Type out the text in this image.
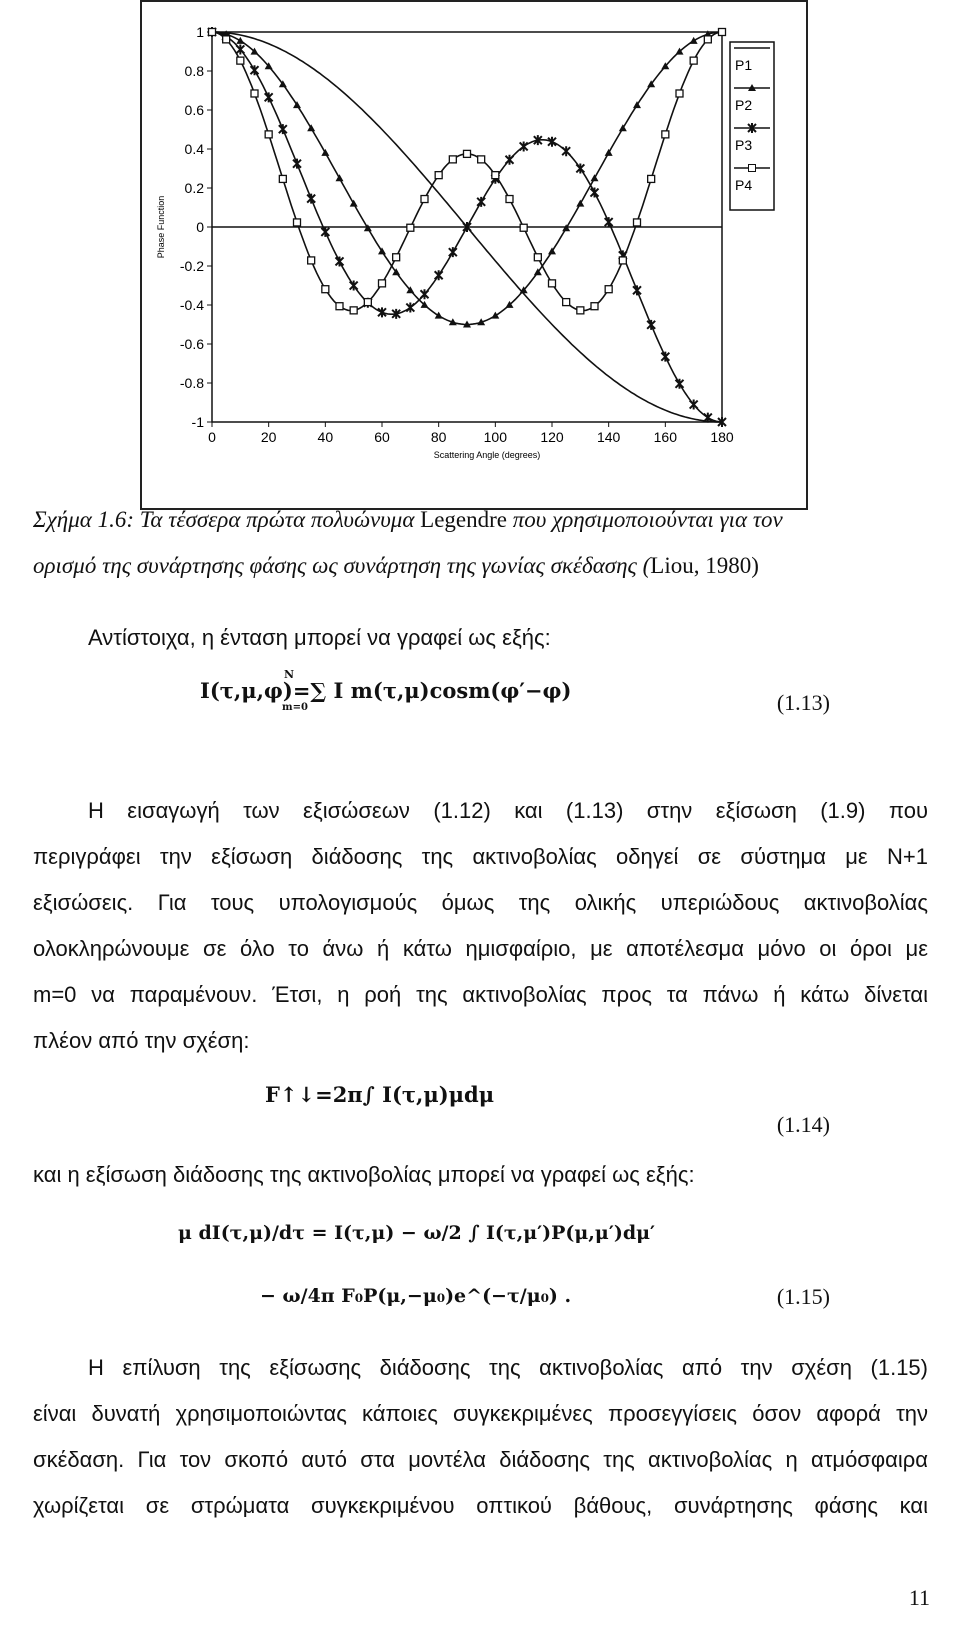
1
0.8
0.6
0.4
0.2
0
-0.2
-0.4
-0.6
-0.8
-1
0	20	40	60	80	100 120 140 160 180
Scattering Angle (degrees)
Phase Function
P1
P2
P3
P4
Σχήμα 1.6: Τα τέσσερα πρώτα πολυώνυμα Legendre που χρησιμοποιούνται για τον
ορισμό της συνάρτησης φάσης ως συνάρτηση της γωνίας σκέδασης (Liou, 1980)
Αντίστοιχα, η ένταση μπορεί να γραφεί ως εξής:
I(τ,μ,φ)=∑ I m(τ,μ)cosm(φ′−φ)
N
m=0	(1.13)
Η εισαγωγή των εξισώσεων (1.12) και (1.13) στην εξίσωση (1.9) που
περιγράφει την εξίσωση διάδοσης της ακτινοβολίας οδηγεί σε σύστημα με N+1
εξισώσεις. Για τους υπολογισμούς όμως της ολικής υπεριώδους ακτινοβολίας
ολοκληρώνουμε σε όλο το άνω ή κάτω ημισφαίριο, με αποτέλεσμα μόνο οι όροι με
m=0 να παραμένουν. Έτσι, η ροή της ακτινοβολίας προς τα πάνω ή κάτω δίνεται
πλέον από την σχέση:
F↑↓=2π∫ I(τ,μ)μdμ
(1.14)
και η εξίσωση διάδοσης της ακτινοβολίας μπορεί να γραφεί ως εξής:
μ dI(τ,μ)/dτ = I(τ,μ) − ω/2 ∫ I(τ,μ′)P(μ,μ′)dμ′
− ω/4π F₀P(μ,−μ₀)e^(−τ/μ₀) .	(1.15)
Η επίλυση της εξίσωσης διάδοσης της ακτινοβολίας από την σχέση (1.15)
είναι δυνατή χρησιμοποιώντας κάποιες συγκεκριμένες προσεγγίσεις όσον αφορά την
σκέδαση. Για τον σκοπό αυτό στα μοντέλα διάδοσης της ακτινοβολίας η ατμόσφαιρα
χωρίζεται σε στρώματα συγκεκριμένου οπτικού βάθους, συνάρτησης φάσης και
11
